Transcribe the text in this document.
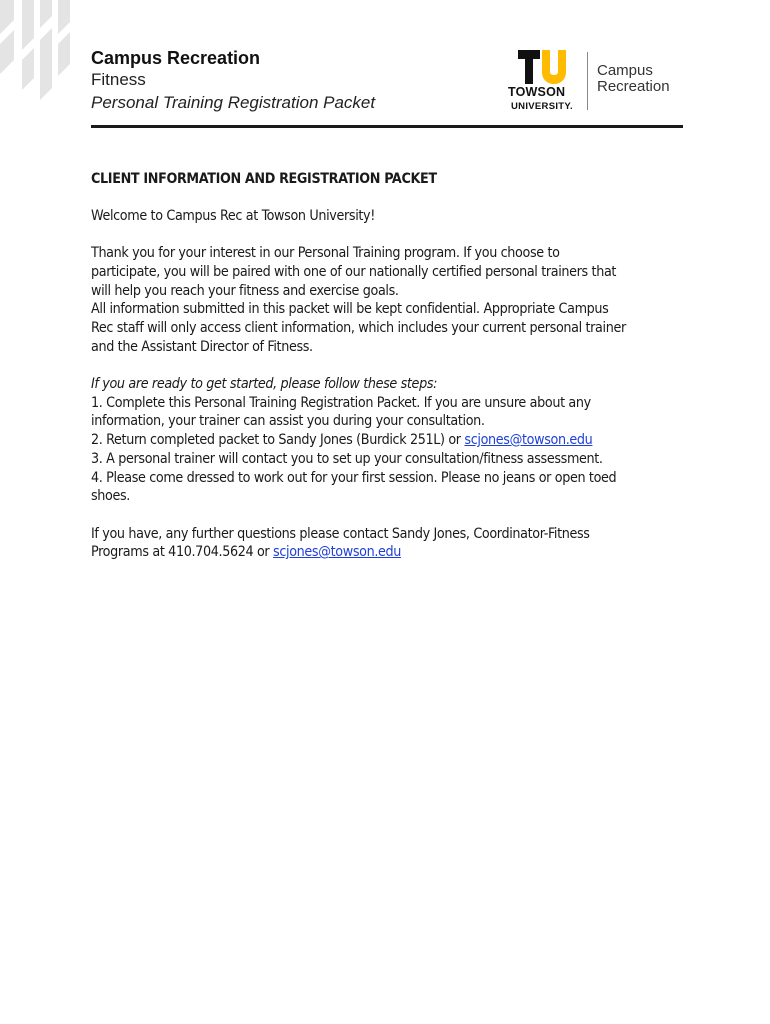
Campus Recreation
Fitness
Personal Training Registration Packet
TOWSON
UNIVERSITY.
Campus
Recreation

CLIENT INFORMATION AND REGISTRATION PACKET

Welcome to Campus Rec at Towson University!

Thank you for your interest in our Personal Training program. If you choose to

participate, you will be paired with one of our nationally certified personal trainers that

will help you reach your fitness and exercise goals.

All information submitted in this packet will be kept confidential. Appropriate Campus

Rec staff will only access client information, which includes your current personal trainer

and the Assistant Director of Fitness.

If you are ready to get started, please follow these steps:

1. Complete this Personal Training Registration Packet. If you are unsure about any

information, your trainer can assist you during your consultation.

2. Return completed packet to Sandy Jones (Burdick 251L) or scjones@towson.edu

3. A personal trainer will contact you to set up your consultation/fitness assessment.

4. Please come dressed to work out for your first session. Please no jeans or open toed

shoes.

If you have, any further questions please contact Sandy Jones, Coordinator-Fitness

Programs at 410.704.5624 or scjones@towson.edu
